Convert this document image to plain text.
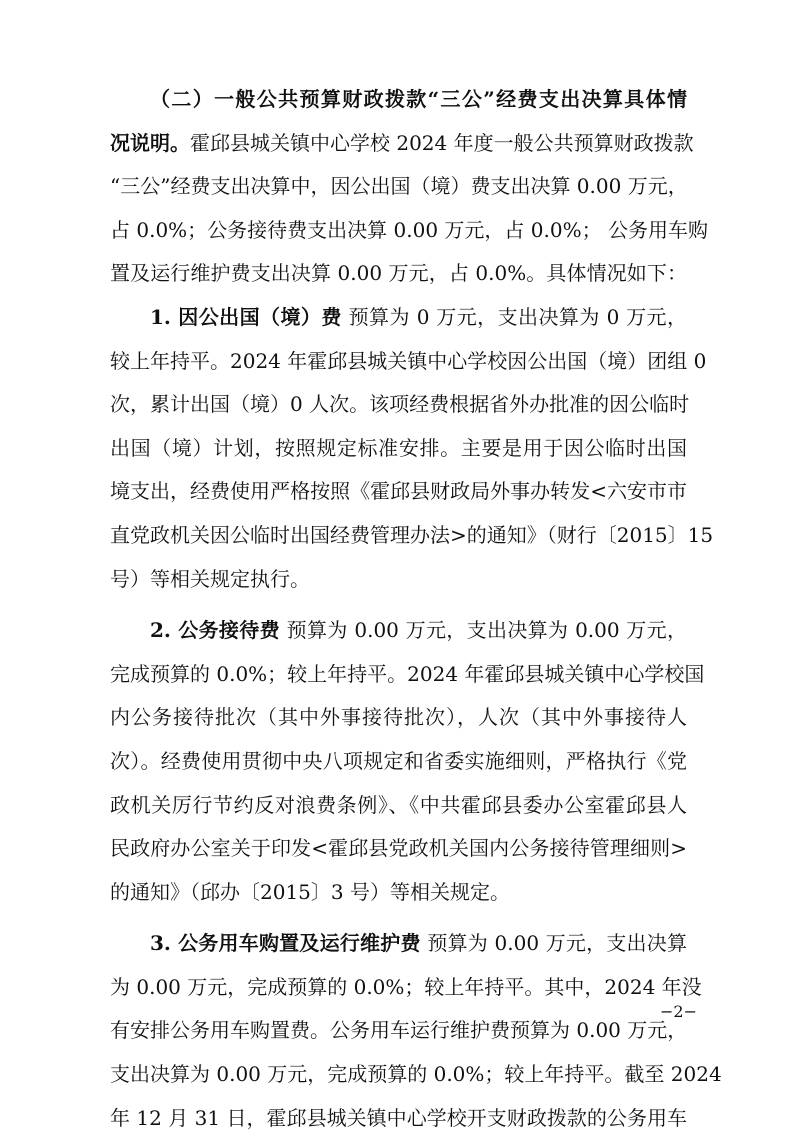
（二）一般公共预算财政拨款“三公”经费支出决算具体情
况说明。霍邱县城关镇中心学校 2024 年度一般公共预算财政拨款
“三公”经费支出决算中，因公出国（境）费支出决算 0.00 万元，
占 0.0%；公务接待费支出决算 0.00 万元，占 0.0%； 公务用车购
置及运行维护费支出决算 0.00 万元，占 0.0%。具体情况如下：
1. 因公出国（境）费 预算为 0 万元，支出决算为 0 万元，
较上年持平。2024 年霍邱县城关镇中心学校因公出国（境）团组 0
次，累计出国（境）0 人次。该项经费根据省外办批准的因公临时
出国（境）计划，按照规定标准安排。主要是用于因公临时出国
境支出，经费使用严格按照《霍邱县财政局外事办转发<六安市市
直党政机关因公临时出国经费管理办法>的通知》（财行〔2015〕15
号）等相关规定执行。
2. 公务接待费 预算为 0.00 万元，支出决算为 0.00 万元，
完成预算的 0.0%；较上年持平。2024 年霍邱县城关镇中心学校国
内公务接待批次（其中外事接待批次），人次（其中外事接待人
次）。经费使用贯彻中央八项规定和省委实施细则，严格执行《党
政机关厉行节约反对浪费条例》、《中共霍邱县委办公室霍邱县人
民政府办公室关于印发<霍邱县党政机关国内公务接待管理细则>
的通知》（邱办〔2015〕3 号）等相关规定。
3. 公务用车购置及运行维护费 预算为 0.00 万元，支出决算
为 0.00 万元，完成预算的 0.0%；较上年持平。其中，2024 年没
有安排公务用车购置费。公务用车运行维护费预算为 0.00 万元，
支出决算为 0.00 万元，完成预算的 0.0%；较上年持平。截至 2024
年 12 月 31 日，霍邱县城关镇中心学校开支财政拨款的公务用车
−2−
